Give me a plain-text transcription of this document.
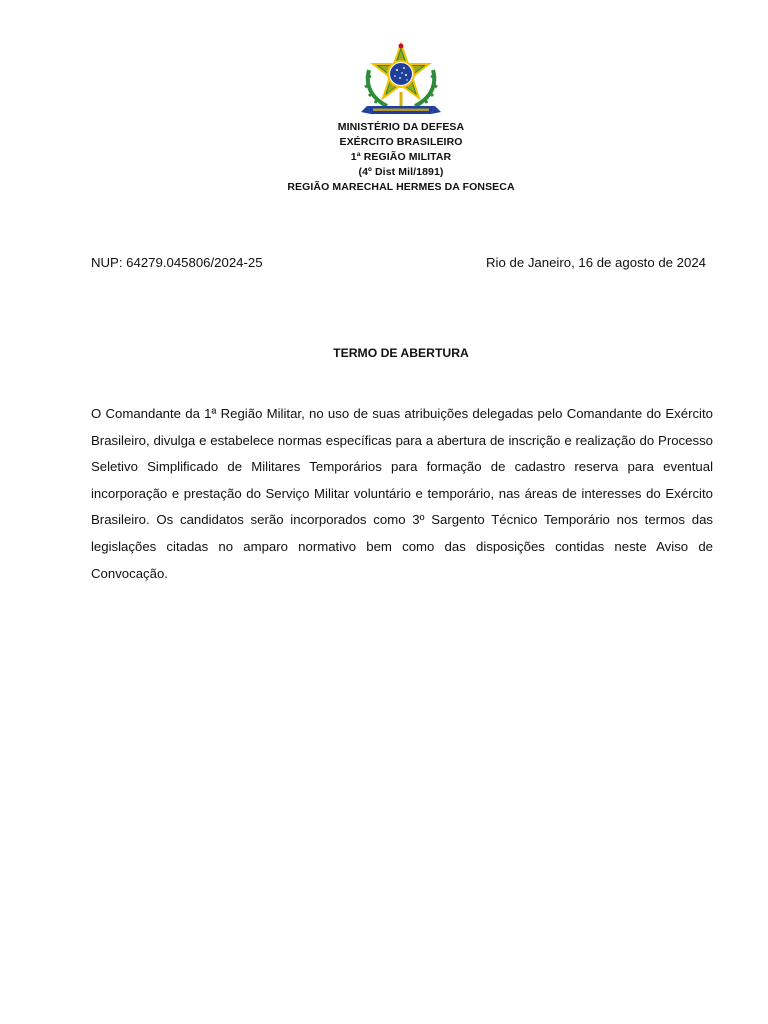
MINISTÉRIO DA DEFESA
EXÉRCITO BRASILEIRO
1ª REGIÃO MILITAR
(4º Dist Mil/1891)
REGIÃO MARECHAL HERMES DA FONSECA
NUP: 64279.045806/2024-25	Rio de Janeiro, 16 de agosto de 2024
TERMO DE ABERTURA

O Comandante da 1ª Região Militar, no uso de suas atribuições delegadas pelo Comandante do Exército Brasileiro, divulga e estabelece normas específicas para a abertura de inscrição e realização do Processo Seletivo Simplificado de Militares Temporários para formação de cadastro reserva para eventual incorporação e prestação do Serviço Militar voluntário e temporário, nas áreas de interesses do Exército Brasileiro. Os candidatos serão incorporados como 3º Sargento Técnico Temporário nos termos das legislações citadas no amparo normativo bem como das disposições contidas neste Aviso de Convocação.
